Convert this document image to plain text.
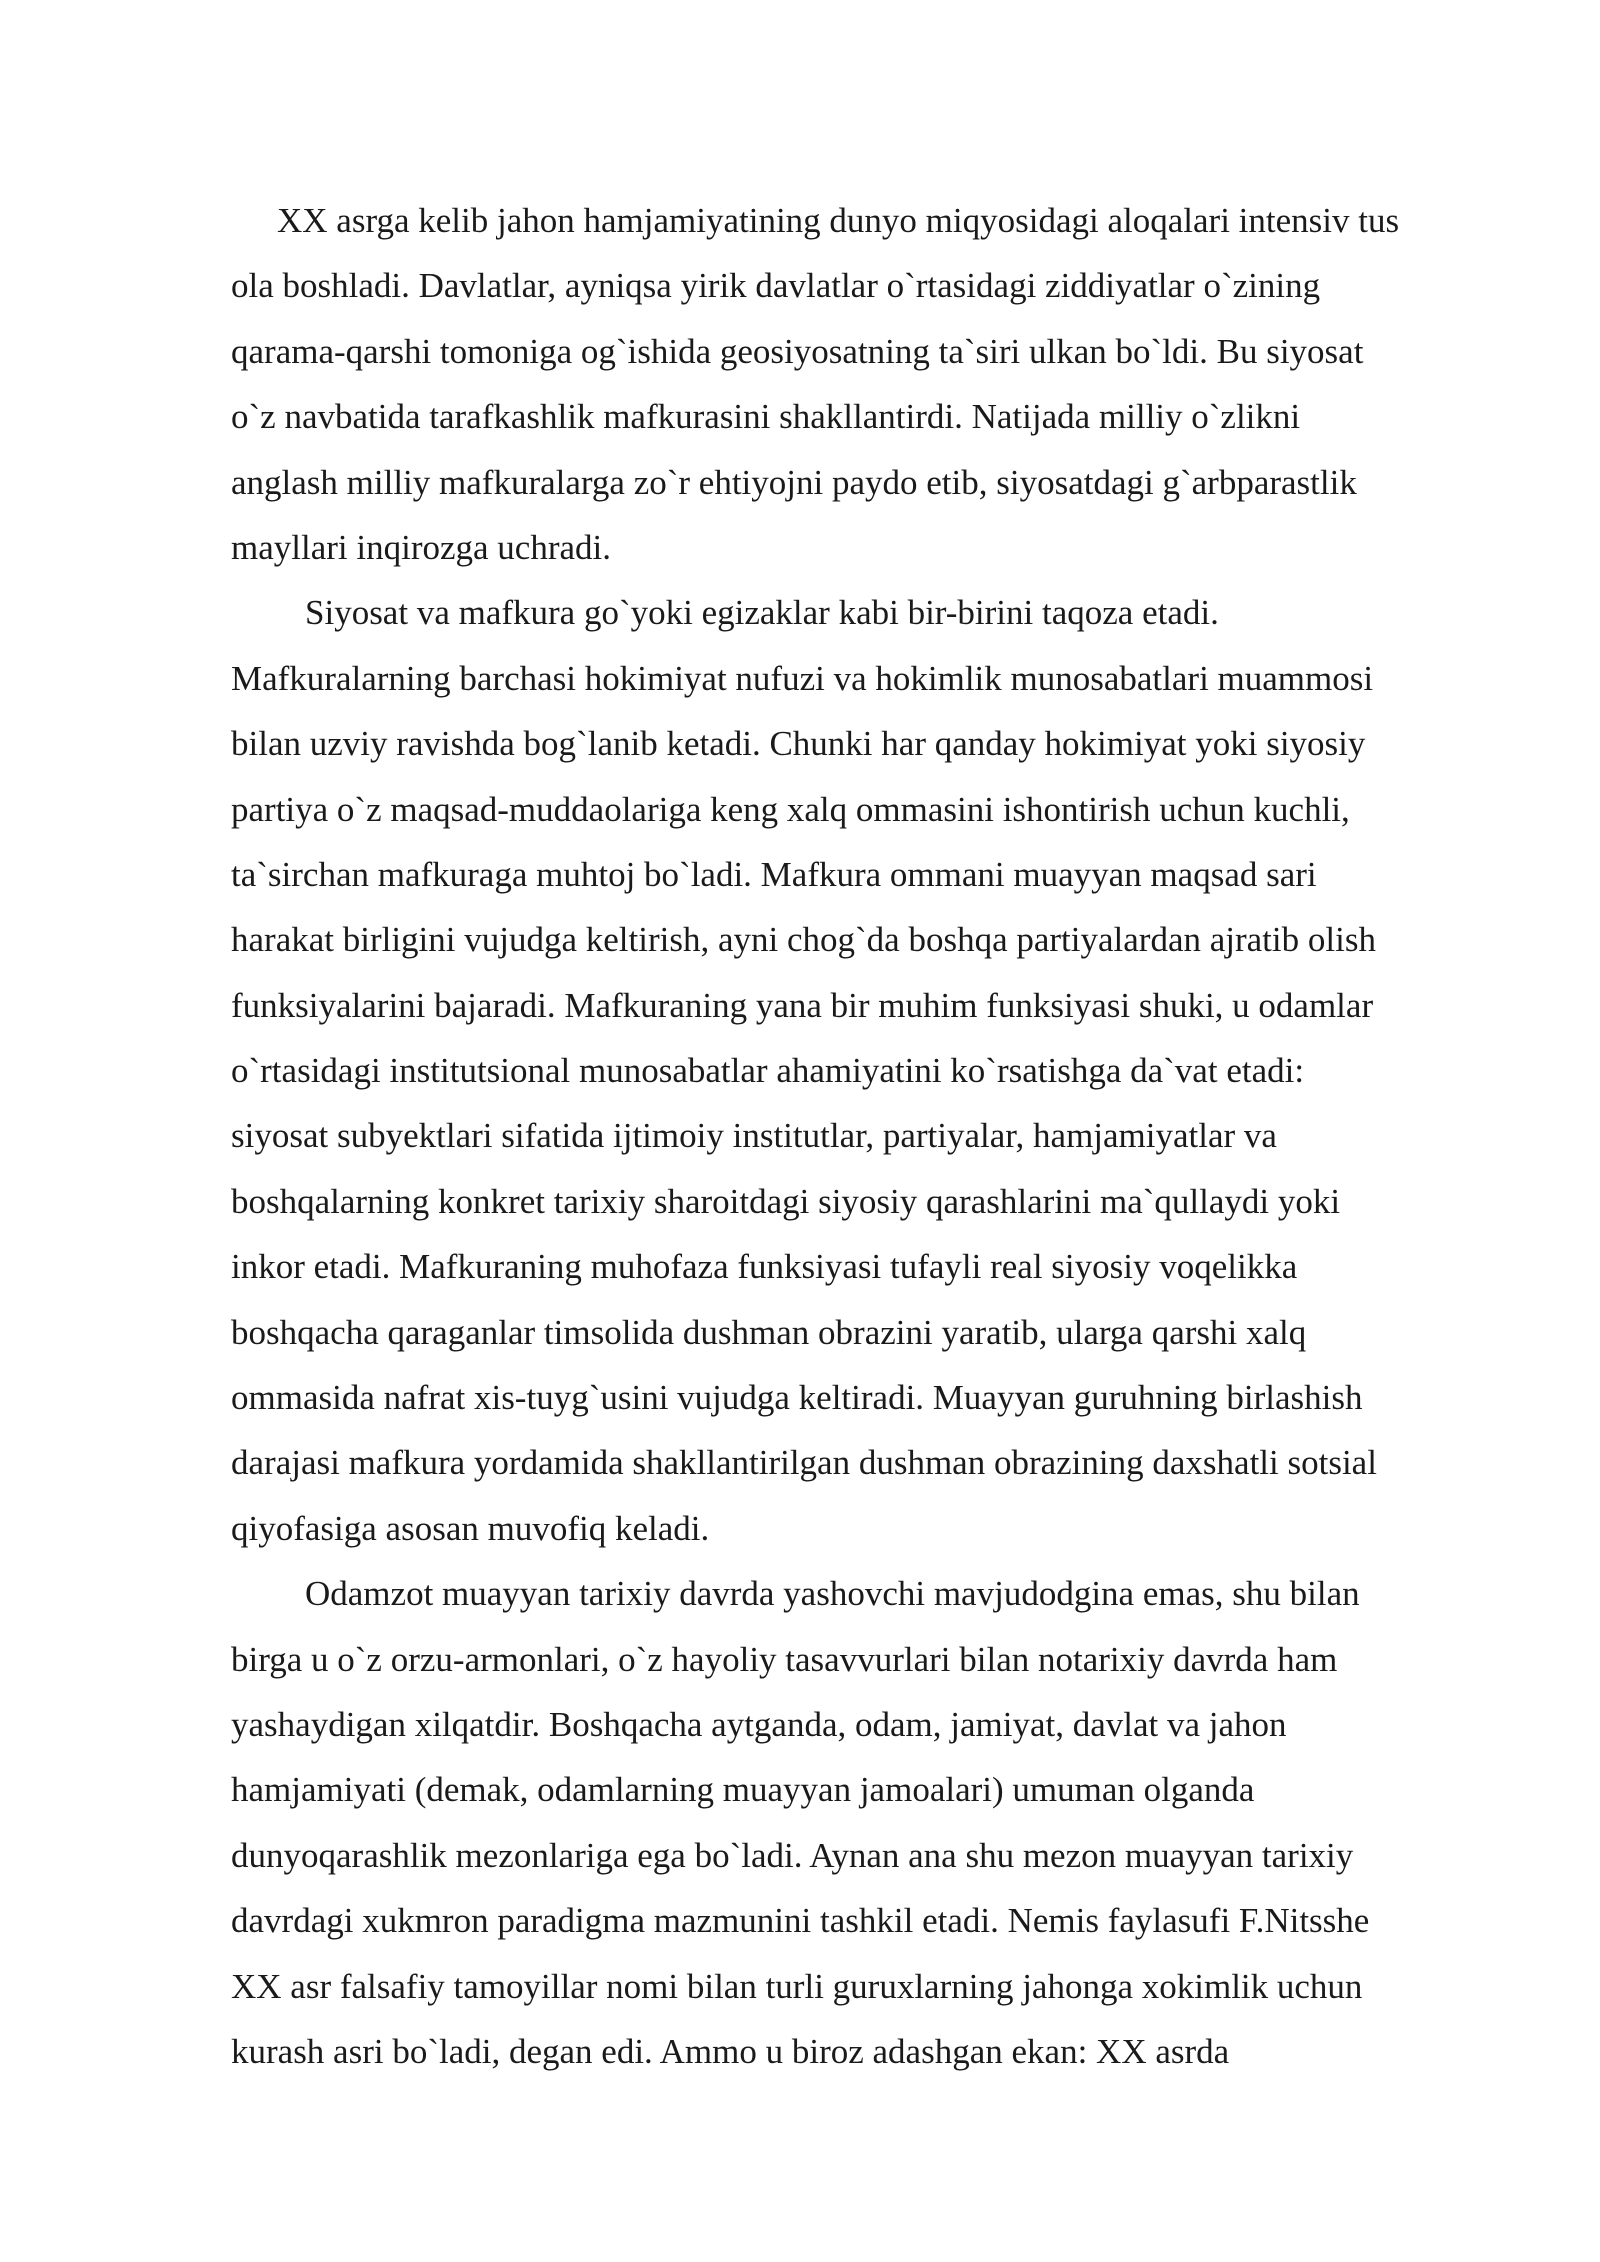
XX asrga kelib jahon hamjamiyatining dunyo miqyosidagi aloqalari intensiv tus
ola boshladi. Davlatlar, ayniqsa yirik davlatlar o`rtasidagi ziddiyatlar o`zining
qarama-qarshi tomoniga og`ishida geosiyosatning ta`siri ulkan bo`ldi. Bu siyosat
o`z navbatida tarafkashlik mafkurasini shakllantirdi. Natijada milliy o`zlikni
anglash milliy mafkuralarga zo`r ehtiyojni paydo etib, siyosatdagi g`arbparastlik
mayllari inqirozga uchradi.
Siyosat va mafkura go`yoki egizaklar kabi bir-birini taqoza etadi.
Mafkuralarning barchasi hokimiyat nufuzi va hokimlik munosabatlari muammosi
bilan uzviy ravishda bog`lanib ketadi. Chunki har qanday hokimiyat yoki siyosiy
partiya o`z maqsad-muddaolariga keng xalq ommasini ishontirish uchun kuchli,
ta`sirchan mafkuraga muhtoj bo`ladi. Mafkura ommani muayyan maqsad sari
harakat birligini vujudga keltirish, ayni chog`da boshqa partiyalardan ajratib olish
funksiyalarini bajaradi. Mafkuraning yana bir muhim funksiyasi shuki, u odamlar
o`rtasidagi institutsional munosabatlar ahamiyatini ko`rsatishga da`vat etadi:
siyosat subyektlari sifatida ijtimoiy institutlar, partiyalar, hamjamiyatlar va
boshqalarning konkret tarixiy sharoitdagi siyosiy qarashlarini ma`qullaydi yoki
inkor etadi. Mafkuraning muhofaza funksiyasi tufayli real siyosiy voqelikka
boshqacha qaraganlar timsolida dushman obrazini yaratib, ularga qarshi xalq
ommasida nafrat xis-tuyg`usini vujudga keltiradi. Muayyan guruhning birlashish
darajasi mafkura yordamida shakllantirilgan dushman obrazining daxshatli sotsial
qiyofasiga asosan muvofiq keladi.
Odamzot muayyan tarixiy davrda yashovchi mavjudodgina emas, shu bilan
birga u o`z orzu-armonlari, o`z hayoliy tasavvurlari bilan notarixiy davrda ham
yashaydigan xilqatdir. Boshqacha aytganda, odam, jamiyat, davlat va jahon
hamjamiyati (demak, odamlarning muayyan jamoalari) umuman olganda
dunyoqarashlik mezonlariga ega bo`ladi. Aynan ana shu mezon muayyan tarixiy
davrdagi xukmron paradigma mazmunini tashkil etadi. Nemis faylasufi F.Nitsshe
XX asr falsafiy tamoyillar nomi bilan turli guruxlarning jahonga xokimlik uchun
kurash asri bo`ladi, degan edi. Ammo u biroz adashgan ekan: XX asrda
